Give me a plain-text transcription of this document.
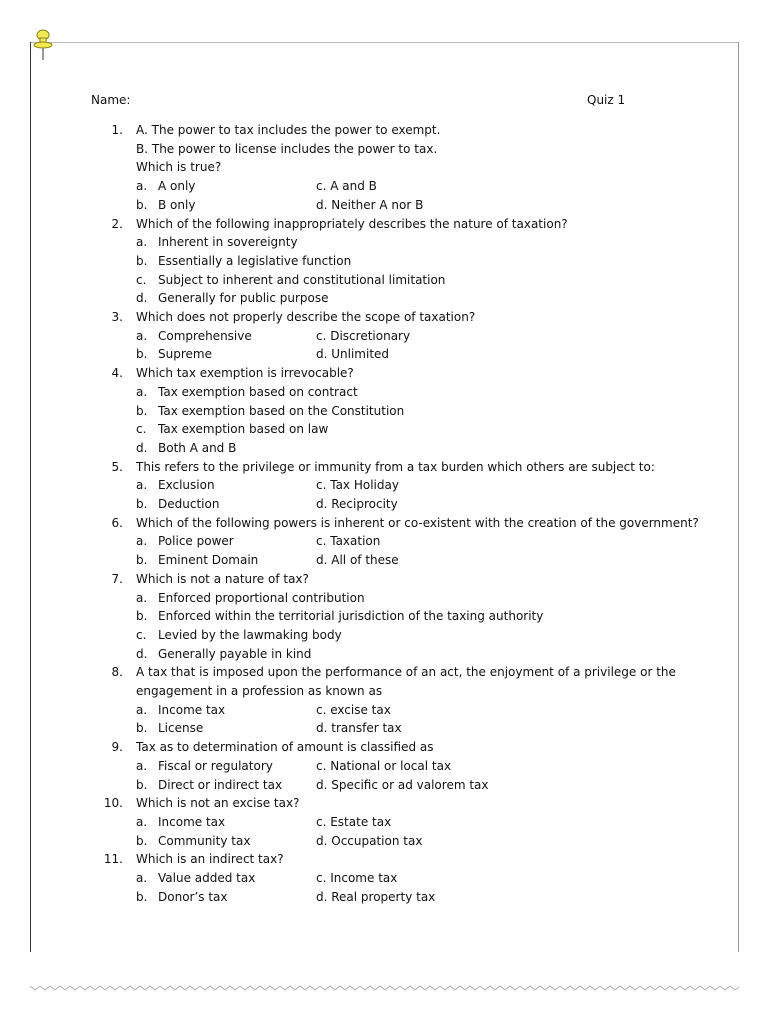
Name:	Quiz 1
1. A. The power to tax includes the power to exempt.
B. The power to license includes the power to tax.
Which is true?
a. A only	c. A and B
b. B only	d. Neither A nor B
2. Which of the following inappropriately describes the nature of taxation?
a. Inherent in sovereignty
b. Essentially a legislative function
c. Subject to inherent and constitutional limitation
d. Generally for public purpose
3. Which does not properly describe the scope of taxation?
a. Comprehensive	c. Discretionary
b. Supreme	d. Unlimited
4. Which tax exemption is irrevocable?
a. Tax exemption based on contract
b. Tax exemption based on the Constitution
c. Tax exemption based on law
d. Both A and B
5. This refers to the privilege or immunity from a tax burden which others are subject to:
a. Exclusion	c. Tax Holiday
b. Deduction	d. Reciprocity
6. Which of the following powers is inherent or co-existent with the creation of the government?
a. Police power	c. Taxation
b. Eminent Domain	d. All of these
7. Which is not a nature of tax?
a. Enforced proportional contribution
b. Enforced within the territorial jurisdiction of the taxing authority
c. Levied by the lawmaking body
d. Generally payable in kind
8. A tax that is imposed upon the performance of an act, the enjoyment of a privilege or the
engagement in a profession as known as
a. Income tax	c. excise tax
b. License	d. transfer tax
9. Tax as to determination of amount is classified as
a. Fiscal or regulatory	c. National or local tax
b. Direct or indirect tax	d. Specific or ad valorem tax
10. Which is not an excise tax?
a. Income tax	c. Estate tax
b. Community tax	d. Occupation tax
11. Which is an indirect tax?
a. Value added tax	c. Income tax
b. Donor’s tax	d. Real property tax
